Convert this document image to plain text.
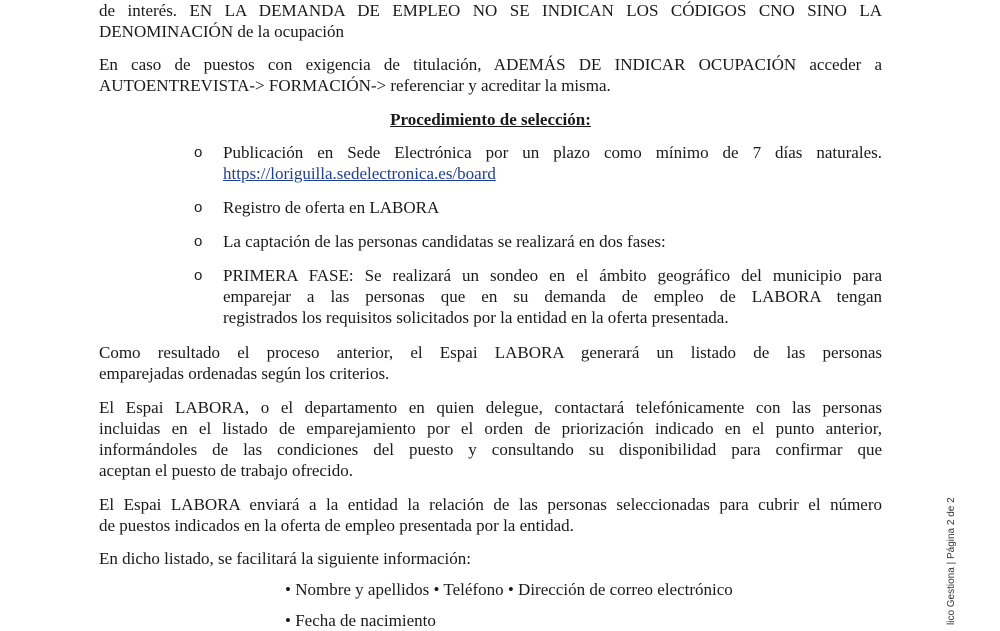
de interés. EN LA DEMANDA DE EMPLEO NO SE INDICAN LOS CÓDIGOS CNO SINO LA
DENOMINACIÓN de la ocupación

En caso de puestos con exigencia de titulación, ADEMÁS DE INDICAR OCUPACIÓN acceder a
AUTOENTREVISTA-> FORMACIÓN-> referenciar y acreditar la misma.

Procedimiento de selección:
o	Publicación en Sede Electrónica por un plazo como mínimo de 7 días naturales.
https://loriguilla.sedelectronica.es/board

o	Registro de oferta en LABORA

o	La captación de las personas candidatas se realizará en dos fases:

o	PRIMERA FASE: Se realizará un sondeo en el ámbito geográfico del municipio para
emparejar a las personas que en su demanda de empleo de LABORA tengan
registrados los requisitos solicitados por la entidad en la oferta presentada.

Como resultado el proceso anterior, el Espai LABORA generará un listado de las personas
emparejadas ordenadas según los criterios.

El Espai LABORA, o el departamento en quien delegue, contactará telefónicamente con las personas
incluidas en el listado de emparejamiento por el orden de priorización indicado en el punto anterior,
informándoles de las condiciones del puesto y consultando su disponibilidad para confirmar que
aceptan el puesto de trabajo ofrecido.

El Espai LABORA enviará a la entidad la relación de las personas seleccionadas para cubrir el número
de puestos indicados en la oferta de empleo presentada por la entidad.

En dicho listado, se facilitará la siguiente información:

• Nombre y apellidos • Teléfono • Dirección de correo electrónico
• Fecha de nacimiento	lico Gestiona | Página 2 de 2
